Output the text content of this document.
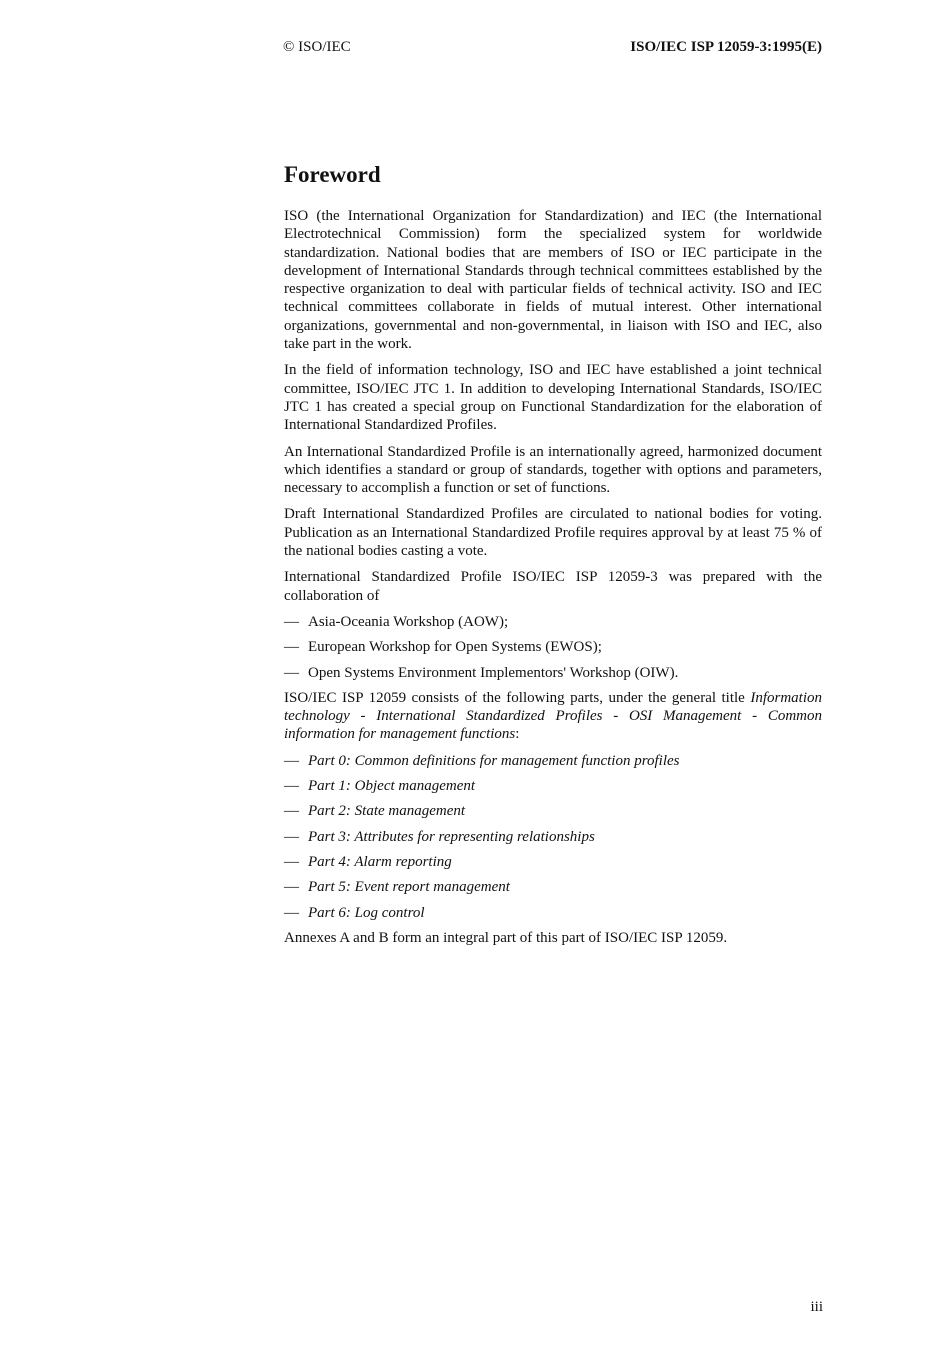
© ISO/IEC	ISO/IEC ISP 12059-3:1995(E)
Foreword

ISO (the International Organization for Standardization) and IEC (the International Electrotechnical Commission) form the specialized system for worldwide standardization. National bodies that are members of ISO or IEC participate in the development of International Standards through technical committees established by the respective organization to deal with particular fields of technical activity. ISO and IEC technical committees collaborate in fields of mutual interest. Other international organizations, governmental and non-governmental, in liaison with ISO and IEC, also take part in the work.

In the field of information technology, ISO and IEC have established a joint technical committee, ISO/IEC JTC 1. In addition to developing International Standards, ISO/IEC JTC 1 has created a special group on Functional Standardization for the elaboration of International Standardized Profiles.

An International Standardized Profile is an internationally agreed, harmonized document which identifies a standard or group of standards, together with options and parameters, necessary to accomplish a function or set of functions.

Draft International Standardized Profiles are circulated to national bodies for voting. Publication as an International Standardized Profile requires approval by at least 75 % of the national bodies casting a vote.

International Standardized Profile ISO/IEC ISP 12059-3 was prepared with the collaboration of

— Asia-Oceania Workshop (AOW);
— European Workshop for Open Systems (EWOS);
— Open Systems Environment Implementors' Workshop (OIW).

ISO/IEC ISP 12059 consists of the following parts, under the general title Information technology - International Standardized Profiles - OSI Management - Common information for management functions:

— Part 0: Common definitions for management function profiles
— Part 1: Object management
— Part 2: State management
— Part 3: Attributes for representing relationships
— Part 4: Alarm reporting
— Part 5: Event report management
— Part 6: Log control

Annexes A and B form an integral part of this part of ISO/IEC ISP 12059.

iii
